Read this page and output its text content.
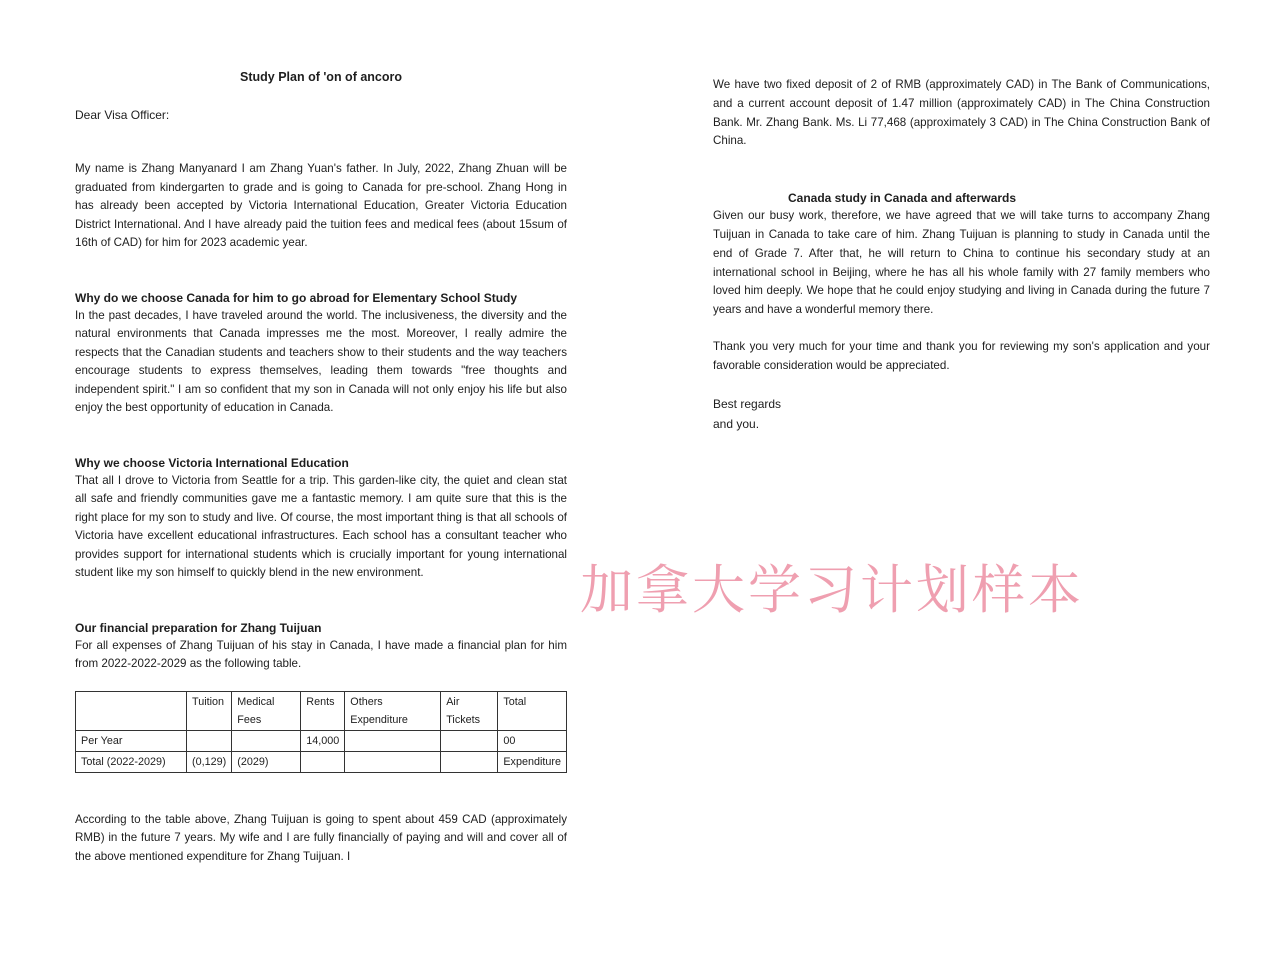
Study Plan of 'on of ancoro

Dear Visa Officer:

My name is Zhang Manyanard I am Zhang Yuan's father. In July, 2022, Zhang Zhuan will be graduated from kindergarten to grade and is going to Canada for pre-school. Zhang Hong in has already been accepted by Victoria International Education, Greater Victoria Education District International. And I have already paid the tuition fees and medical fees (about 15sum of 16th of CAD) for him for 2023 academic year.

Why do we choose Canada for him to go abroad for Elementary School Study

In the past decades, I have traveled around the world. The inclusiveness, the diversity and the natural environments that Canada impresses me the most. Moreover, I really admire the respects that the Canadian students and teachers show to their students and the way teachers encourage students to express themselves, leading them towards "free thoughts and independent spirit." I am so confident that my son in Canada will not only enjoy his life but also enjoy the best opportunity of education in Canada.

Why we choose Victoria International Education

That all I drove to Victoria from Seattle for a trip. This garden-like city, the quiet and clean stat all safe and friendly communities gave me a fantastic memory. I am quite sure that this is the right place for my son to study and live. Of course, the most important thing is that all schools of Victoria have excellent educational infrastructures. Each school has a consultant teacher who provides support for international students which is crucially important for young international student like my son himself to quickly blend in the new environment.

Our financial preparation for Zhang Tuijuan

For all expenses of Zhang Tuijuan of his stay in Canada, I have made a financial plan for him from 2022-2022-2029 as the following table.

	Tuition	Medical Fees	Rents	Others Expenditure	Air Tickets	Total
Per Year			14,000			00
Total (2022-2029)	(0,129)	(2029)				Expenditure

According to the table above, Zhang Tuijuan is going to spent about 459 CAD (approximately RMB) in the future 7 years. My wife and I are fully financially of paying and will and cover all of the above mentioned expenditure for Zhang Tuijuan. I

We have two fixed deposit of 2 of RMB (approximately CAD) in The Bank of Communications, and a current account deposit of 1.47 million (approximately CAD) in The China Construction Bank. Mr. Zhang Bank. Ms. Li 77,468 (approximately 3 CAD) in The China Construction Bank of China.

Canada study in Canada and afterwards

Given our busy work, therefore, we have agreed that we will take turns to accompany Zhang Tuijuan in Canada to take care of him. Zhang Tuijuan is planning to study in Canada until the end of Grade 7. After that, he will return to China to continue his secondary study at an international school in Beijing, where he has all his whole family with 27 family members who loved him deeply. We hope that he could enjoy studying and living in Canada during the future 7 years and have a wonderful memory there.

Thank you very much for your time and thank you for reviewing my son's application and your favorable consideration would be appreciated.

Best regards
and you.
加拿大学习计划样本
